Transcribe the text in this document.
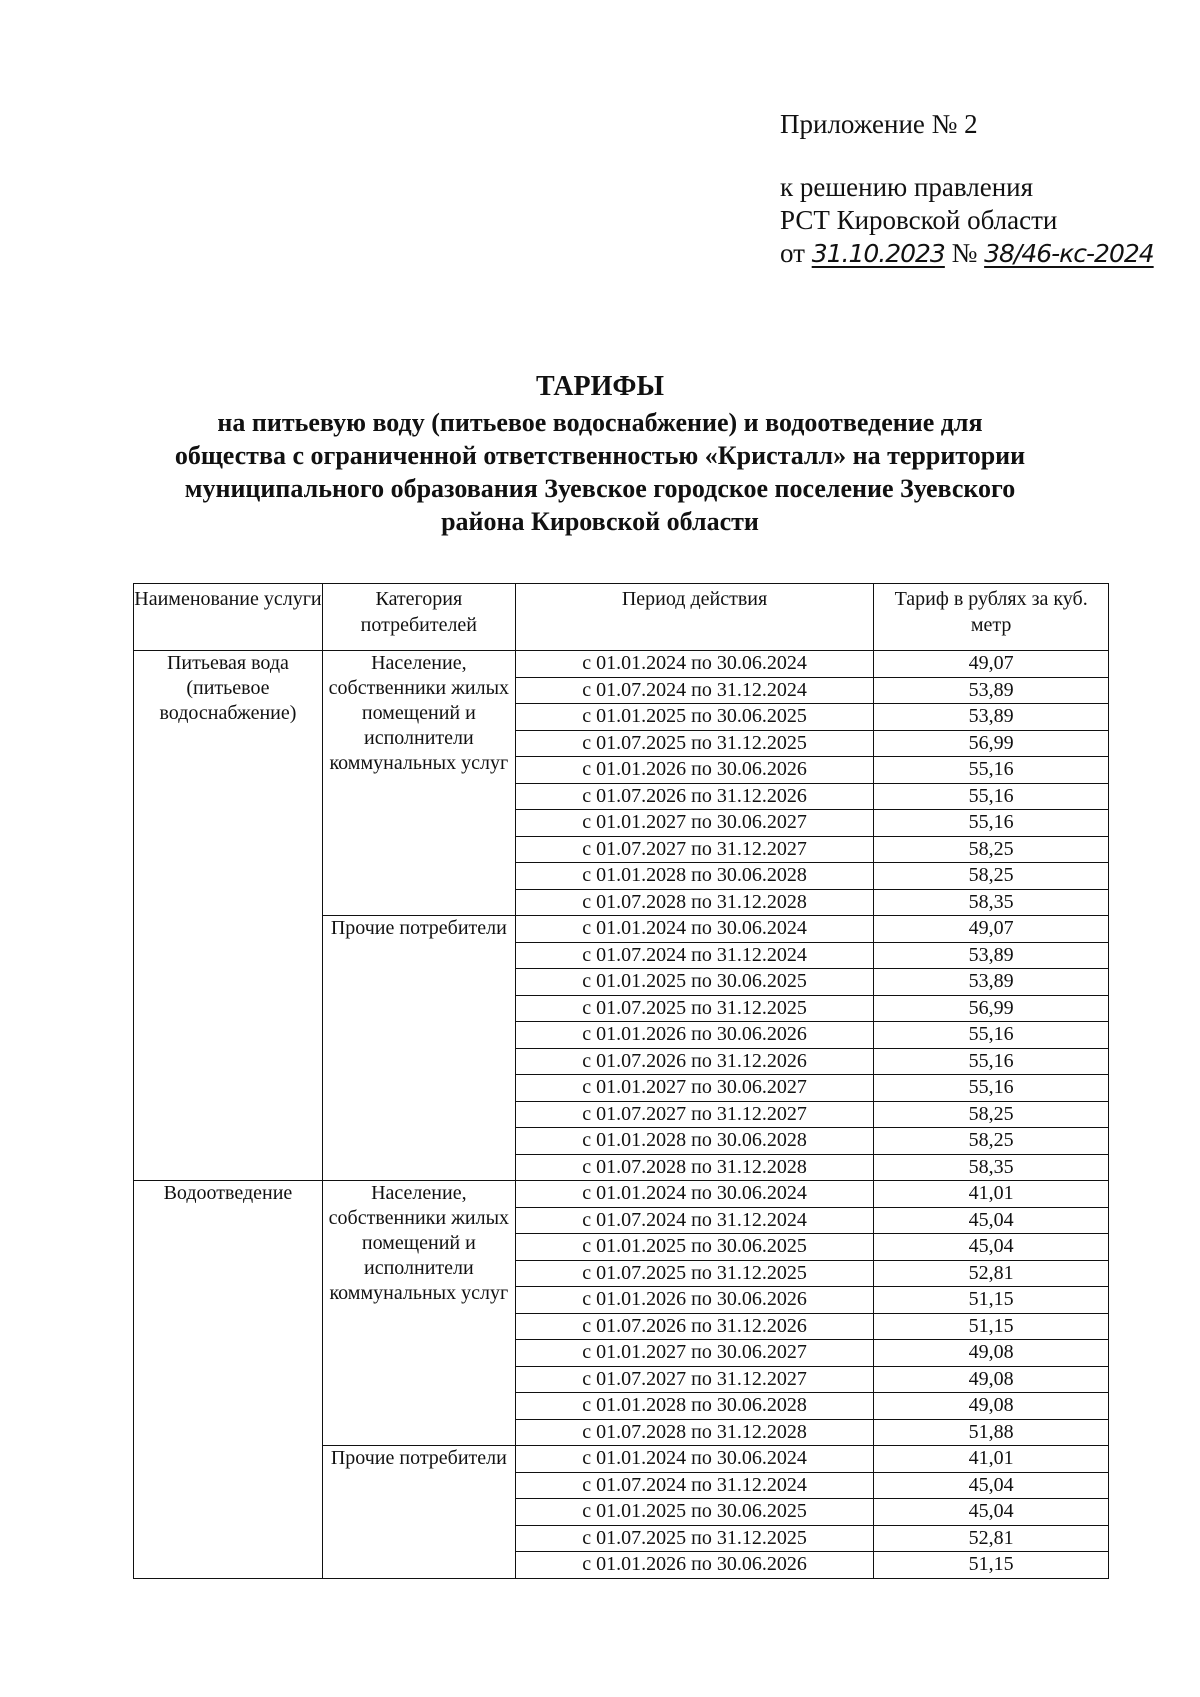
Приложение № 2
к решению правления
РСТ Кировской области
от 31.10.2023 № 38/46-кс-2024
ТАРИФЫ
на питьевую воду (питьевое водоснабжение) и водоотведение для
общества с ограниченной ответственностью «Кристалл» на территории
муниципального образования Зуевское городское поселение Зуевского
района Кировской области
Наименование услуги	Категория потребителей	Период действия	Тариф в рублях за куб. метр
Питьевая вода (питьевое водоснабжение)	Население, собственники жилых помещений и исполнители коммунальных услуг	с 01.01.2024 по 30.06.2024	49,07
		с 01.07.2024 по 31.12.2024	53,89
		с 01.01.2025 по 30.06.2025	53,89
		с 01.07.2025 по 31.12.2025	56,99
		с 01.01.2026 по 30.06.2026	55,16
		с 01.07.2026 по 31.12.2026	55,16
		с 01.01.2027 по 30.06.2027	55,16
		с 01.07.2027 по 31.12.2027	58,25
		с 01.01.2028 по 30.06.2028	58,25
		с 01.07.2028 по 31.12.2028	58,35
	Прочие потребители	с 01.01.2024 по 30.06.2024	49,07
		с 01.07.2024 по 31.12.2024	53,89
		с 01.01.2025 по 30.06.2025	53,89
		с 01.07.2025 по 31.12.2025	56,99
		с 01.01.2026 по 30.06.2026	55,16
		с 01.07.2026 по 31.12.2026	55,16
		с 01.01.2027 по 30.06.2027	55,16
		с 01.07.2027 по 31.12.2027	58,25
		с 01.01.2028 по 30.06.2028	58,25
		с 01.07.2028 по 31.12.2028	58,35
Водоотведение	Население, собственники жилых помещений и исполнители коммунальных услуг	с 01.01.2024 по 30.06.2024	41,01
		с 01.07.2024 по 31.12.2024	45,04
		с 01.01.2025 по 30.06.2025	45,04
		с 01.07.2025 по 31.12.2025	52,81
		с 01.01.2026 по 30.06.2026	51,15
		с 01.07.2026 по 31.12.2026	51,15
		с 01.01.2027 по 30.06.2027	49,08
		с 01.07.2027 по 31.12.2027	49,08
		с 01.01.2028 по 30.06.2028	49,08
		с 01.07.2028 по 31.12.2028	51,88
	Прочие потребители	с 01.01.2024 по 30.06.2024	41,01
		с 01.07.2024 по 31.12.2024	45,04
		с 01.01.2025 по 30.06.2025	45,04
		с 01.07.2025 по 31.12.2025	52,81
		с 01.01.2026 по 30.06.2026	51,15
